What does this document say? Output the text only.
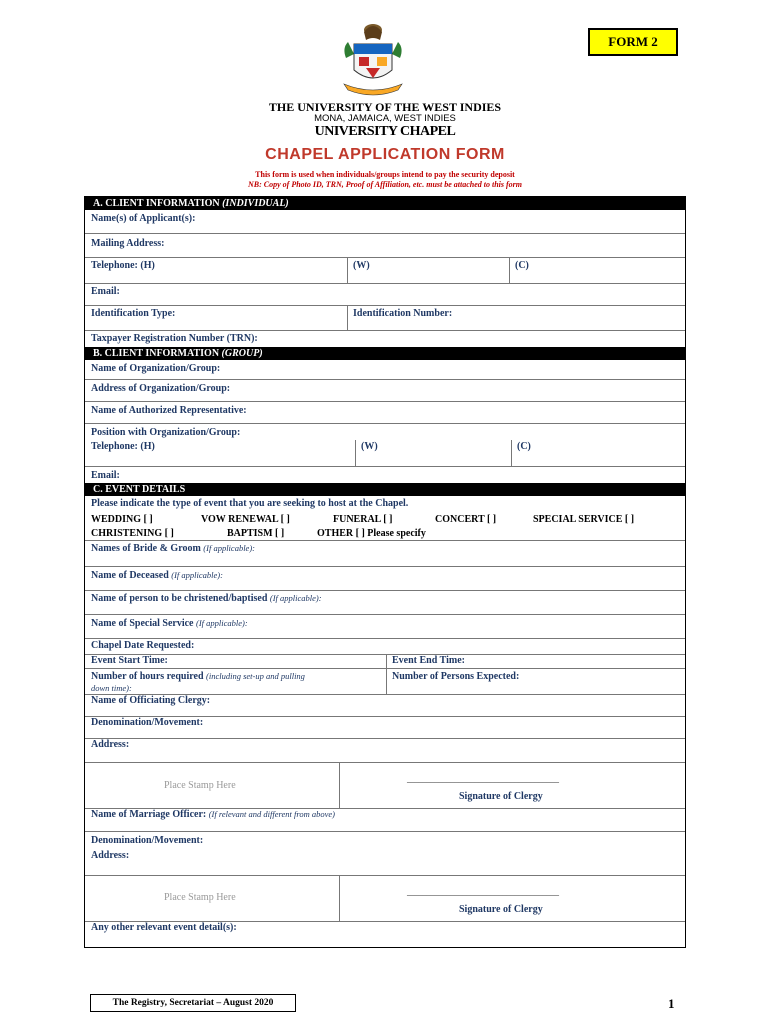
FORM 2
THE UNIVERSITY OF THE WEST INDIES
MONA, JAMAICA, WEST INDIES
UNIVERSITY CHAPEL
CHAPEL APPLICATION FORM
This form is used when individuals/groups intend to pay the security deposit
NB: Copy of Photo ID, TRN, Proof of Affiliation, etc. must be attached to this form
A. CLIENT INFORMATION (INDIVIDUAL)
Name(s) of Applicant(s):
Mailing Address:
Telephone: (H)	(W)	(C)
Email:
Identification Type:	Identification Number:
Taxpayer Registration Number (TRN):
B. CLIENT INFORMATION (GROUP)
Name of Organization/Group:
Address of Organization/Group:
Name of Authorized Representative:
Position with Organization/Group:
Telephone: (H)	(W)	(C)
Email:
C. EVENT DETAILS
Please indicate the type of event that you are seeking to host at the Chapel.
WEDDING [ ]	VOW RENEWAL [ ]	FUNERAL [ ]	CONCERT [ ]	SPECIAL SERVICE [ ]
CHRISTENING [ ]	BAPTISM [ ]	OTHER [ ] Please specify
Names of Bride & Groom (If applicable):
Name of Deceased (If applicable):
Name of person to be christened/baptised (If applicable):
Name of Special Service (If applicable):
Chapel Date Requested:
Event Start Time:	Event End Time:
Number of hours required (including set-up and pulling
down time):
Number of Persons Expected:
Name of Officiating Clergy:
Denomination/Movement:
Address:
Place Stamp Here
______________________________________
Signature of Clergy
Name of Marriage Officer: (If relevant and different from above)
Denomination/Movement:
Address:
Place Stamp Here	______________________________________
Signature of Clergy
Any other relevant event detail(s):
The Registry, Secretariat – August 2020	1
